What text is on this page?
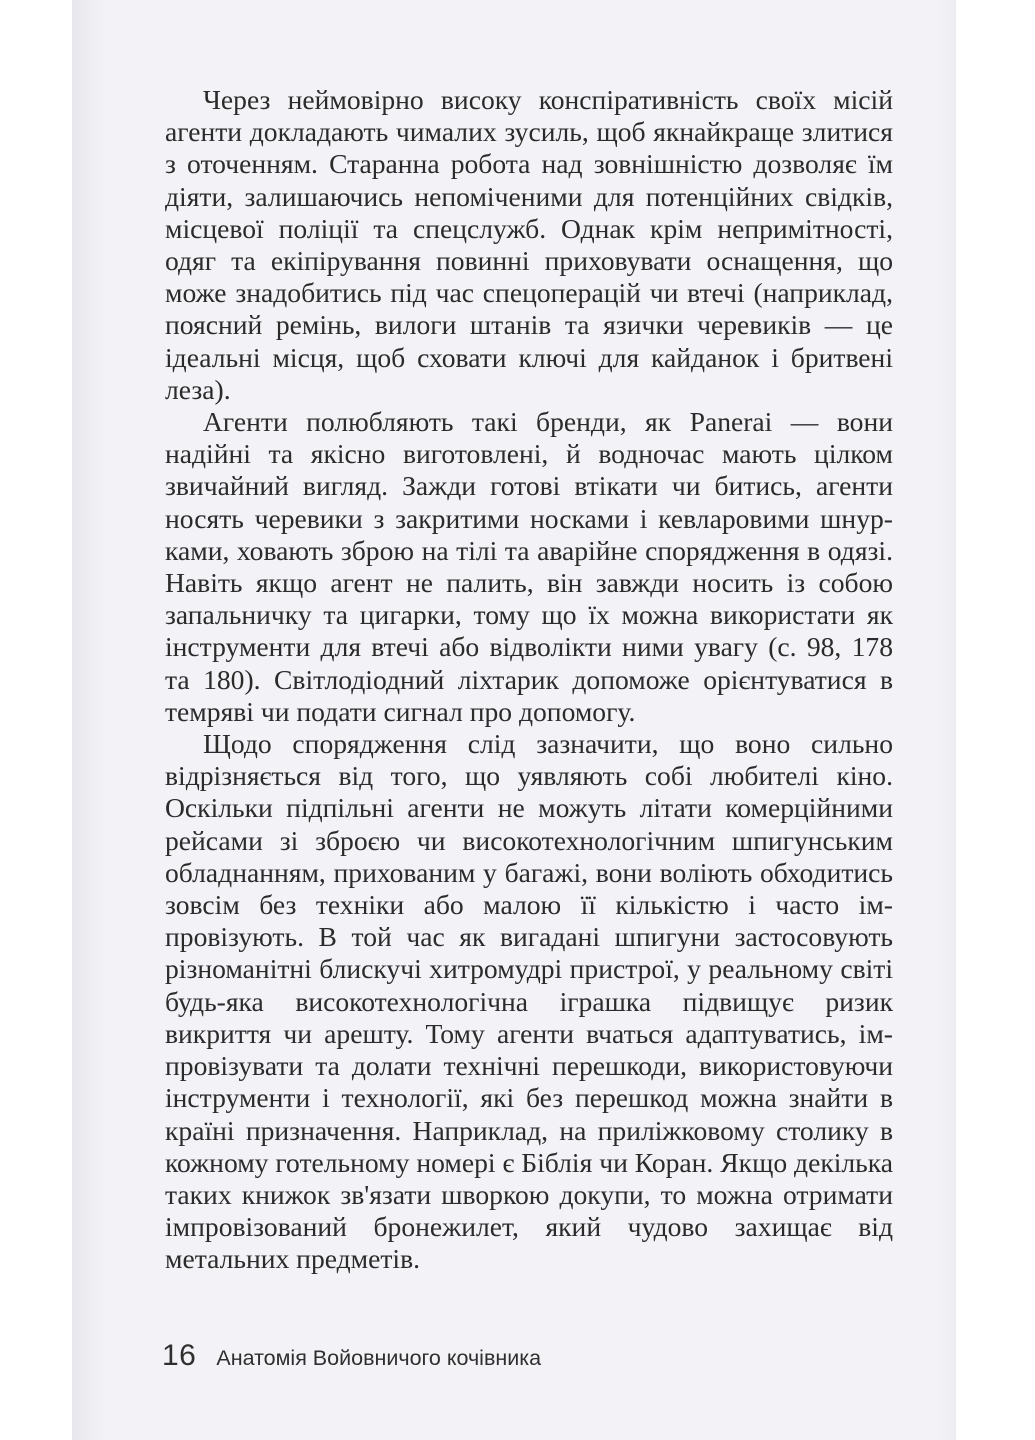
Через неймовірно високу конспіративність своїх місій агенти докладають чималих зусиль, щоб якнайкраще злитися з оточенням. Старанна робота над зовнішністю дозволяє їм діяти, залишаючись непоміченими для потенційних свідків, місцевої поліції та спецслужб. Однак крім непримітності, одяг та екіпірування повинні приховувати оснащення, що може знадобитись під час спецоперацій чи втечі (наприклад, поясний ремінь, вилоги штанів та язички черевиків — це ідеальні місця, щоб сховати ключі для кайданок і бритвені леза).

Агенти полюбляють такі бренди, як Panerai — вони надійні та якісно виготовлені, й водночас мають цілком звичайний вигляд. Зажди готові втікати чи битись, агенти носять черевики з закритими носками і кевларовими шнурками, ховають зброю на тілі та аварійне спорядження в одязі. Навіть якщо агент не палить, він завжди носить із собою запальничку та цигарки, тому що їх можна використати як інструменти для втечі або відволікти ними увагу (с. 98, 178 та 180). Світлодіодний ліхтарик допоможе орієнтуватися в темряві чи подати сигнал про допомогу.

Щодо спорядження слід зазначити, що воно сильно відрізняється від того, що уявляють собі любителі кіно. Оскільки підпільні агенти не можуть літати комерційними рейсами зі зброєю чи високотехнологічним шпигунським обладнанням, прихованим у багажі, вони воліють обходитись зовсім без техніки або малою її кількістю і часто імпровізують. В той час як вигадані шпигуни застосовують різноманітні блискучі хитромудрі пристрої, у реальному світі будь-яка високотехнологічна іграшка підвищує ризик викриття чи арешту. Тому агенти вчаться адаптуватись, імпровізувати та долати технічні перешкоди, використовуючи інструменти і технології, які без перешкод можна знайти в країні призначення. Наприклад, на приліжковому столику в кожному готельному номері є Біблія чи Коран. Якщо декілька таких книжок зв'язати шворкою докупи, то можна отримати імпровізований бронежилет, який чудово захищає від метальних предметів.

16 Анатомія Войовничого кочівника
